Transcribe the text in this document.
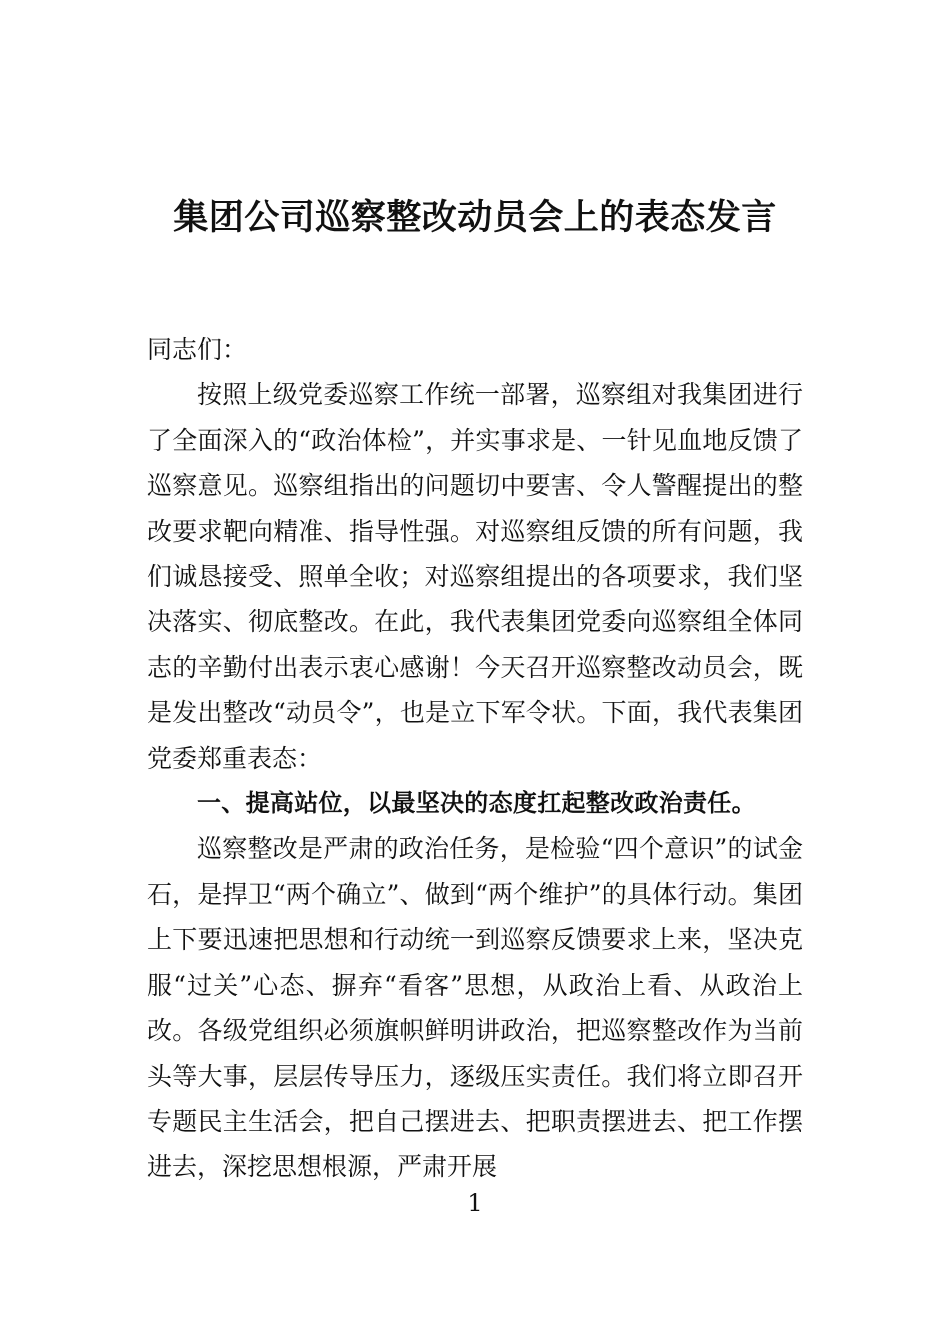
集团公司巡察整改动员会上的表态发言

同志们：

按照上级党委巡察工作统一部署，巡察组对我集团进行了全面深入的“政治体检”，并实事求是、一针见血地反馈了巡察意见。巡察组指出的问题切中要害、令人警醒提出的整改要求靶向精准、指导性强。对巡察组反馈的所有问题，我们诚恳接受、照单全收；对巡察组提出的各项要求，我们坚决落实、彻底整改。在此，我代表集团党委向巡察组全体同志的辛勤付出表示衷心感谢！今天召开巡察整改动员会，既是发出整改“动员令”，也是立下军令状。下面，我代表集团党委郑重表态：

一、提高站位，以最坚决的态度扛起整改政治责任。

巡察整改是严肃的政治任务，是检验“四个意识”的试金石，是捍卫“两个确立”、做到“两个维护”的具体行动。集团上下要迅速把思想和行动统一到巡察反馈要求上来，坚决克服“过关”心态、摒弃“看客”思想，从政治上看、从政治上改。各级党组织必须旗帜鲜明讲政治，把巡察整改作为当前头等大事，层层传导压力，逐级压实责任。我们将立即召开专题民主生活会，把自己摆进去、把职责摆进去、把工作摆进去，深挖思想根源，严肃开展

1
